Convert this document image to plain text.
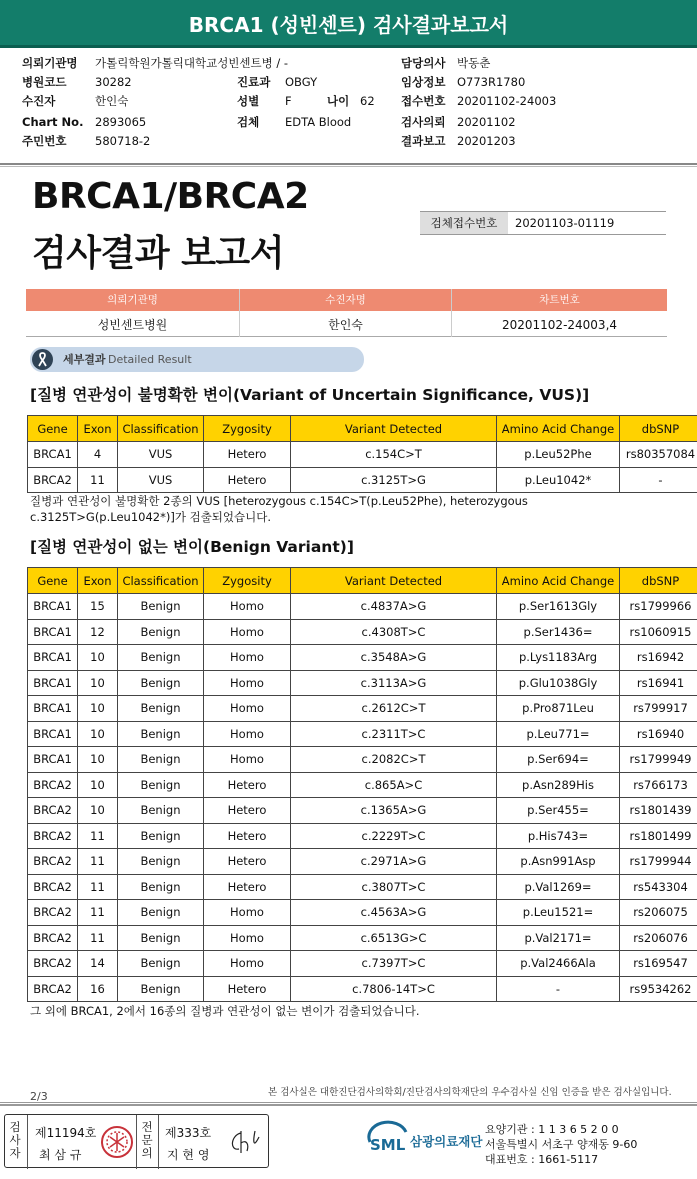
BRCA1 (성빈센트) 검사결과보고서
의뢰기관명 가톨릭학원가톨릭대학교성빈센트병 / -	담당의사 박동춘
병원코드 30282	진료과 OBGY	임상정보 O773R1780
수진자	한인숙	성별 F	나이 62 접수번호 20201102-24003
Chart No. 2893065	검체 EDTA Blood	검사의뢰 20201102
주민번호 580718-2	결과보고 20201203
BRCA1/BRCA2
검사결과 보고서
검체접수번호	20201103-01119
의뢰기관명	수진자명	차트번호
성빈센트병원	한인숙	20201102-24003,4
세부결과 Detailed Result
[질병 연관성이 불명확한 변이(Variant of Uncertain Significance, VUS)]
Gene	Exon	Classification	Zygosity	Variant Detected	Amino Acid Change	dbSNP
BRCA1	4	VUS	Hetero	c.154C>T	p.Leu52Phe	rs80357084
BRCA2	11	VUS	Hetero	c.3125T>G	p.Leu1042*	-
질병과 연관성이 불명확한 2종의 VUS [heterozygous c.154C>T(p.Leu52Phe), heterozygous c.3125T>G(p.Leu1042*)]가 검출되었습니다.
[질병 연관성이 없는 변이(Benign Variant)]
Gene	Exon	Classification	Zygosity	Variant Detected	Amino Acid Change	dbSNP
BRCA1	15	Benign	Homo	c.4837A>G	p.Ser1613Gly	rs1799966
BRCA1	12	Benign	Homo	c.4308T>C	p.Ser1436=	rs1060915
BRCA1	10	Benign	Homo	c.3548A>G	p.Lys1183Arg	rs16942
BRCA1	10	Benign	Homo	c.3113A>G	p.Glu1038Gly	rs16941
BRCA1	10	Benign	Homo	c.2612C>T	p.Pro871Leu	rs799917
BRCA1	10	Benign	Homo	c.2311T>C	p.Leu771=	rs16940
BRCA1	10	Benign	Homo	c.2082C>T	p.Ser694=	rs1799949
BRCA2	10	Benign	Hetero	c.865A>C	p.Asn289His	rs766173
BRCA2	10	Benign	Hetero	c.1365A>G	p.Ser455=	rs1801439
BRCA2	11	Benign	Hetero	c.2229T>C	p.His743=	rs1801499
BRCA2	11	Benign	Hetero	c.2971A>G	p.Asn991Asp	rs1799944
BRCA2	11	Benign	Hetero	c.3807T>C	p.Val1269=	rs543304
BRCA2	11	Benign	Homo	c.4563A>G	p.Leu1521=	rs206075
BRCA2	11	Benign	Homo	c.6513G>C	p.Val2171=	rs206076
BRCA2	14	Benign	Homo	c.7397T>C	p.Val2466Ala	rs169547
BRCA2	16	Benign	Hetero	c.7806-14T>C	-	rs9534262
그 외에 BRCA1, 2에서 16종의 질병과 연관성이 없는 변이가 검출되었습니다.
본 검사실은 대한진단검사의학회/진단검사의학재단의 우수검사실 신임 인증을 받은 검사실입니다.
2/3
검사자
제11194호
최 삼 규
전문의
제333호
지 현 영
SML 삼광의료재단
요양기관 : 1 1 3 6 5 2 0 0
서울특별시 서초구 양재동 9-60
대표번호 : 1661-5117
